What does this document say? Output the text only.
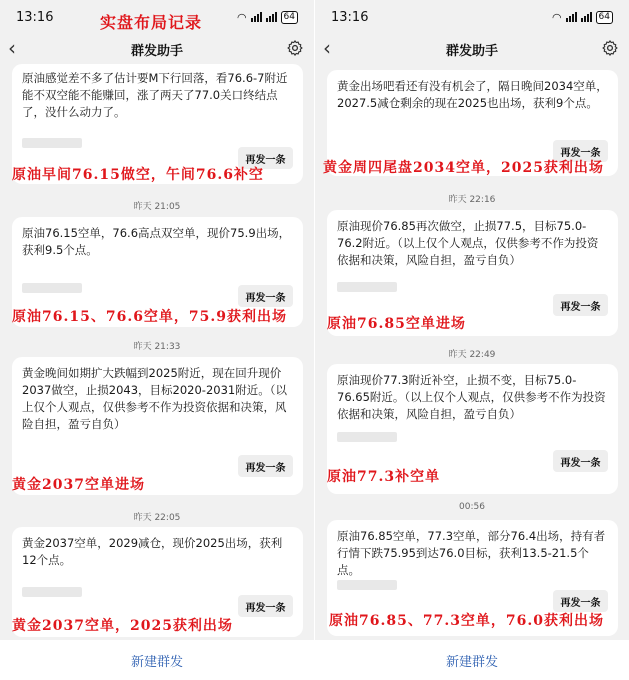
13:16	◠	64
实盘布局记录
‹	群发助手
原油感觉差不多了估计要M下行回落，看76.6-7附近能不双空能不能赚回，涨了两天了77.0关口终结点了，没什么动力了。
再发一条
原油早间76.15做空，午间76.6补空
昨天 21:05
原油76.15空单，76.6高点双空单，现价75.9出场，获利9.5个点。
再发一条
原油76.15、76.6空单，75.9获利出场
昨天 21:33
黄金晚间如期扩大跌幅到2025附近，现在回升现价2037做空，止损2043，目标2020-2031附近。（以上仅个人观点，仅供参考不作为投资依据和决策，风险自担，盈亏自负）
再发一条
黄金2037空单进场
昨天 22:05
黄金2037空单，2029减仓，现价2025出场，获利12个点。
再发一条
黄金2037空单，2025获利出场
新建群发
13:16	◠	64
‹	群发助手
黄金出场吧看还有没有机会了，隔日晚间2034空单，2027.5减仓剩余的现在2025也出场，获利9个点。
再发一条
黄金周四尾盘2034空单，2025获利出场
昨天 22:16
原油现价76.85再次做空，止损77.5，目标75.0-76.2附近。（以上仅个人观点，仅供参考不作为投资依据和决策，风险自担，盈亏自负）
再发一条
原油76.85空单进场
昨天 22:49
原油现价77.3附近补空，止损不变，目标75.0-76.65附近。（以上仅个人观点，仅供参考不作为投资依据和决策，风险自担，盈亏自负）
再发一条
原油77.3补空单
00:56
原油76.85空单，77.3空单，部分76.4出场，持有者行情下跌75.95到达76.0目标，获利13.5-21.5个点。
再发一条
原油76.85、77.3空单，76.0获利出场
新建群发
